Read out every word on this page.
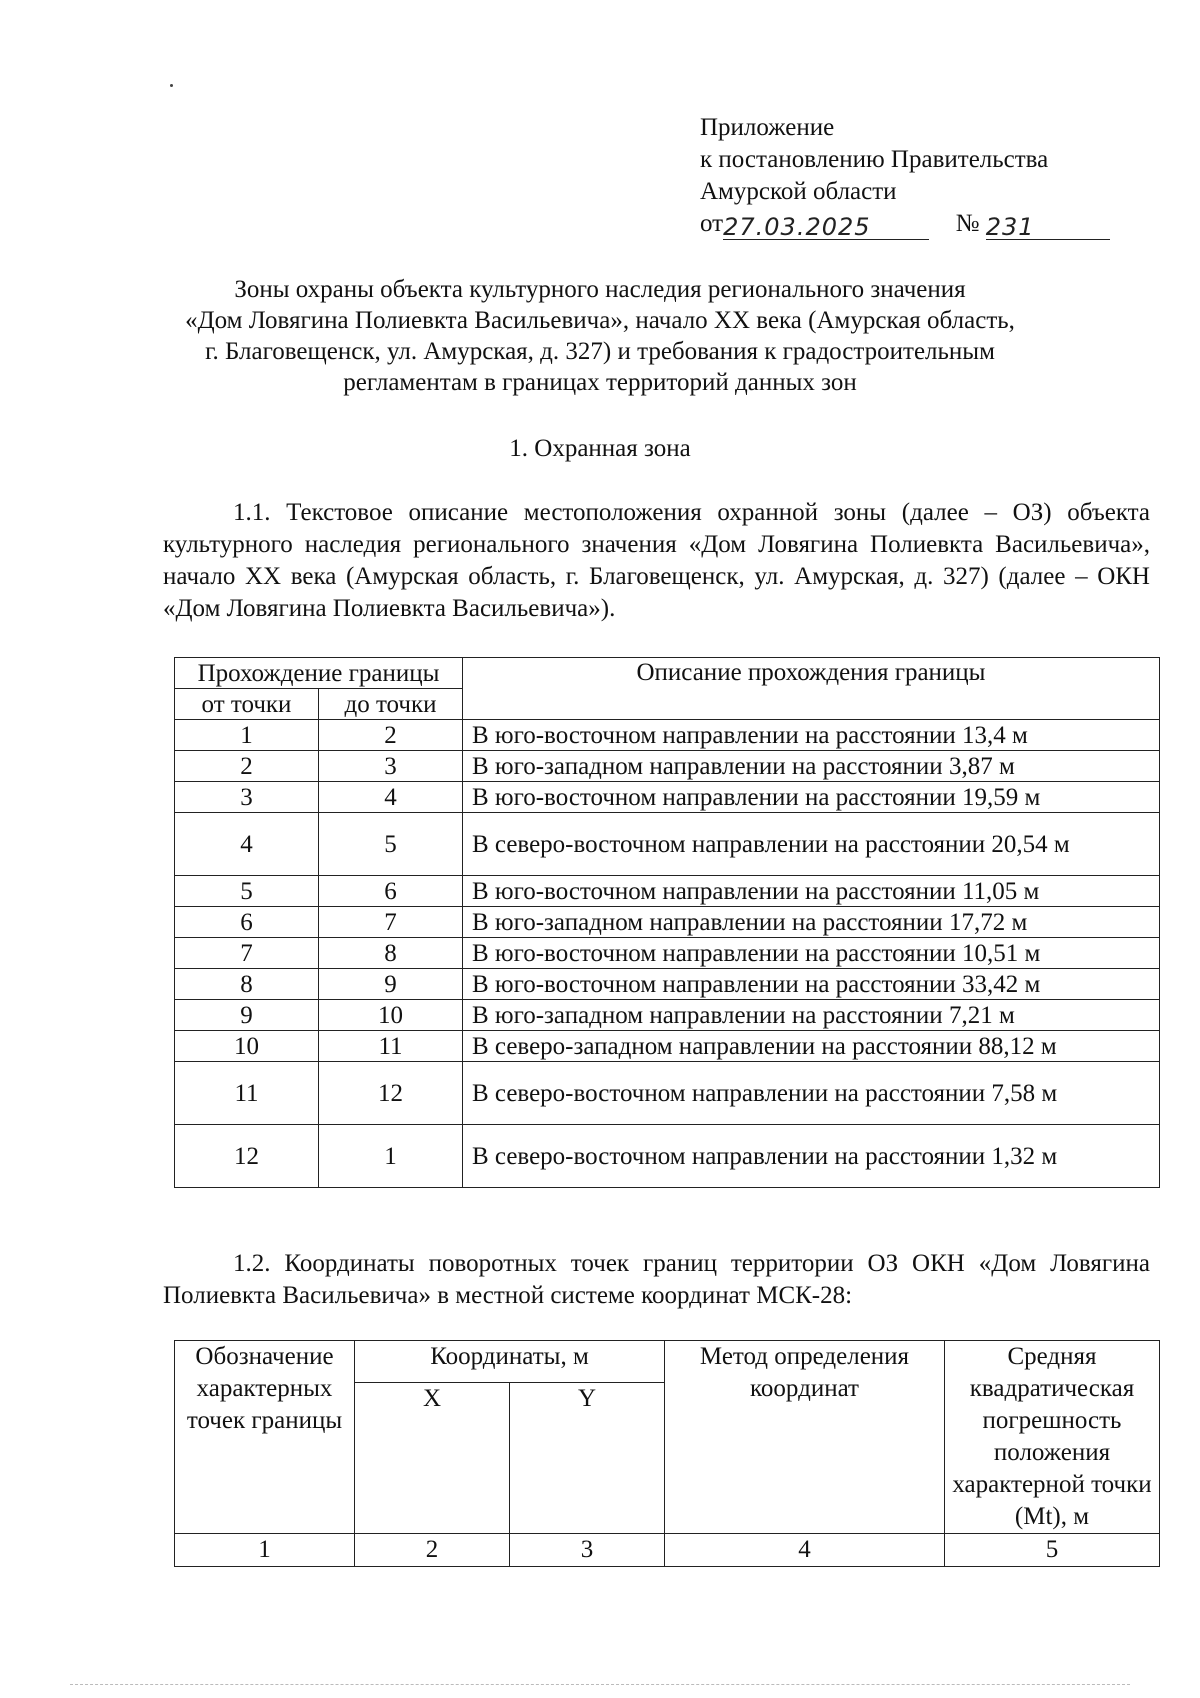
Приложение
к постановлению Правительства
Амурской области
от27.03.2025	№ 231
Зоны охраны объекта культурного наследия регионального значения
«Дом Ловягина Полиевкта Васильевича», начало XX века (Амурская область,
г. Благовещенск, ул. Амурская, д. 327) и требования к градостроительным
регламентам в границах территорий данных зон
1. Охранная зона
1.1. Текстовое описание местоположения охранной зоны (далее – ОЗ) объекта культурного наследия регионального значения «Дом Ловягина Полиевкта Васильевича», начало XX века (Амурская область, г. Благовещенск, ул. Амурская, д. 327) (далее – ОКН «Дом Ловягина Полиевкта Васильевича»).
Прохождение границы		Описание прохождения границы
от точки	до точки	
1	2	В юго-восточном направлении на расстоянии 13,4 м
2	3	В юго-западном направлении на расстоянии 3,87 м
3	4	В юго-восточном направлении на расстоянии 19,59 м
4	5	В северо-восточном направлении на расстоянии 20,54 м
5	6	В юго-восточном направлении на расстоянии 11,05 м
6	7	В юго-западном направлении на расстоянии 17,72 м
7	8	В юго-восточном направлении на расстоянии 10,51 м
8	9	В юго-восточном направлении на расстоянии 33,42 м
9	10	В юго-западном направлении на расстоянии 7,21 м
10	11	В северо-западном направлении на расстоянии 88,12 м
11	12	В северо-восточном направлении на расстоянии 7,58 м
12	1	В северо-восточном направлении на расстоянии 1,32 м
1.2. Координаты поворотных точек границ территории ОЗ ОКН «Дом Ловягина Полиевкта Васильевича» в местной системе координат МСК-28:
Обозначение характерных точек границы	Координаты, м		Метод определения координат	Средняя квадратическая погрешность положения характерной точки (Mt), м
	X	Y		
1	2	3	4	5
